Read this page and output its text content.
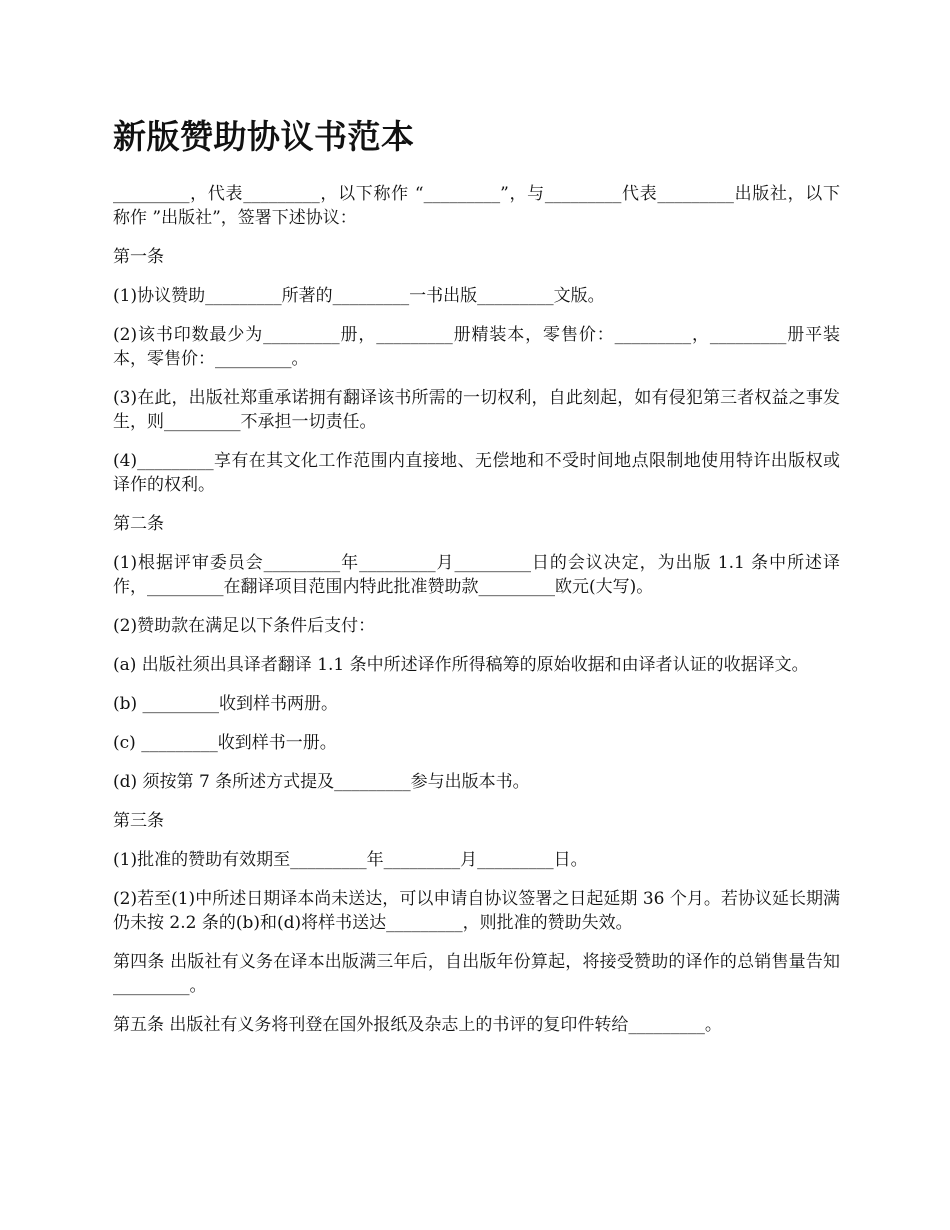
新版赞助协议书范本

_________，代表_________，以下称作 “_________”，与_________代表_________出版社，以下称作 ”出版社”，签署下述协议：

第一条

(1)协议赞助_________所著的_________一书出版_________文版。

(2)该书印数最少为_________册，_________册精装本，零售价：_________，_________册平装本，零售价：_________。

(3)在此，出版社郑重承诺拥有翻译该书所需的一切权利，自此刻起，如有侵犯第三者权益之事发生，则_________不承担一切责任。

(4)_________享有在其文化工作范围内直接地、无偿地和不受时间地点限制地使用特许出版权或译作的权利。

第二条

(1)根据评审委员会_________年_________月_________日的会议决定，为出版 1.1 条中所述译作，_________在翻译项目范围内特此批准赞助款_________欧元(大写)。

(2)赞助款在满足以下条件后支付：

(a) 出版社须出具译者翻译 1.1 条中所述译作所得稿筹的原始收据和由译者认证的收据译文。

(b) _________收到样书两册。

(c) _________收到样书一册。

(d) 须按第 7 条所述方式提及_________参与出版本书。

第三条

(1)批准的赞助有效期至_________年_________月_________日。

(2)若至(1)中所述日期译本尚未送达，可以申请自协议签署之日起延期 36 个月。若协议延长期满仍未按 2.2 条的(b)和(d)将样书送达_________，则批准的赞助失效。

第四条 出版社有义务在译本出版满三年后，自出版年份算起，将接受赞助的译作的总销售量告知_________。

第五条 出版社有义务将刊登在国外报纸及杂志上的书评的复印件转给_________。
